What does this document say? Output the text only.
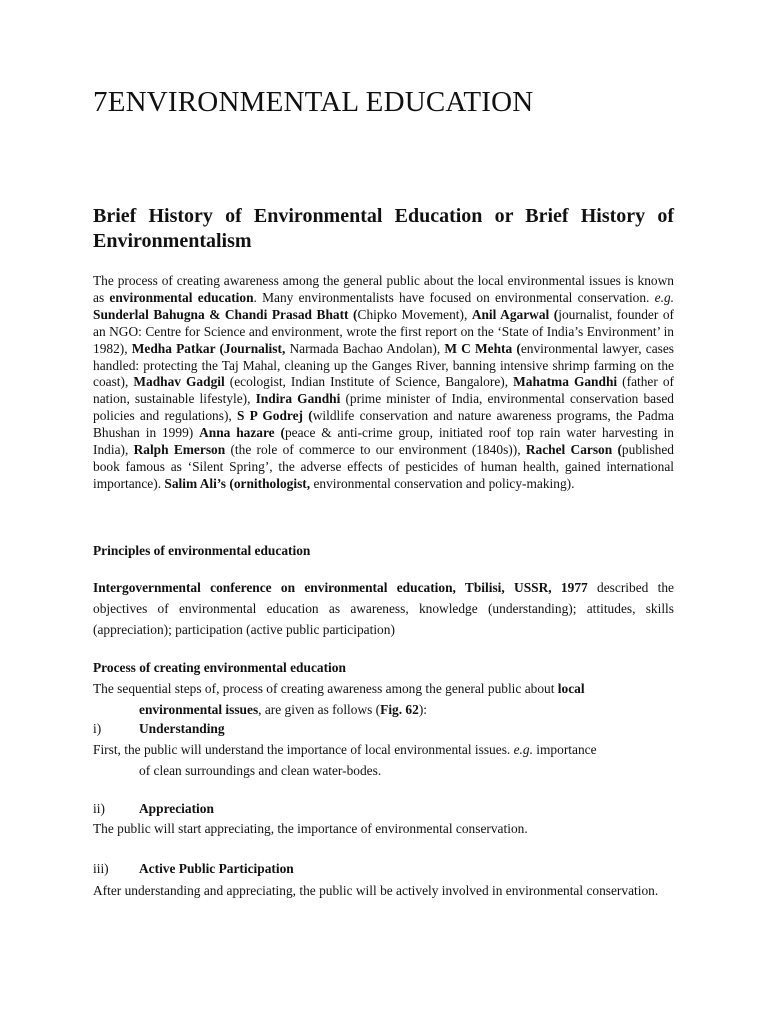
7ENVIRONMENTAL EDUCATION
Brief History of Environmental Education or Brief History of Environmentalism

The process of creating awareness among the general public about the local environmental issues is known as environmental education. Many environmentalists have focused on environmental conservation. e.g. Sunderlal Bahugna & Chandi Prasad Bhatt (Chipko Movement), Anil Agarwal (journalist, founder of an NGO: Centre for Science and environment, wrote the first report on the ‘State of India’s Environment’ in 1982), Medha Patkar (Journalist, Narmada Bachao Andolan), M C Mehta (environmental lawyer, cases handled: protecting the Taj Mahal, cleaning up the Ganges River, banning intensive shrimp farming on the coast), Madhav Gadgil (ecologist, Indian Institute of Science, Bangalore), Mahatma Gandhi (father of nation, sustainable lifestyle), Indira Gandhi (prime minister of India, environmental conservation based policies and regulations), S P Godrej (wildlife conservation and nature awareness programs, the Padma Bhushan in 1999) Anna hazare (peace & anti-crime group, initiated roof top rain water harvesting in India), Ralph Emerson (the role of commerce to our environment (1840s)), Rachel Carson (published book famous as ‘Silent Spring’, the adverse effects of pesticides of human health, gained international importance). Salim Ali’s (ornithologist, environmental conservation and policy-making).

Principles of environmental education

Intergovernmental conference on environmental education, Tbilisi, USSR, 1977 described the objectives of environmental education as awareness, knowledge (understanding); attitudes, skills (appreciation); participation (active public participation)

Process of creating environmental education

The sequential steps of, process of creating awareness among the general public about local
environmental issues, are given as follows (Fig. 62):

i)	Understanding

First, the public will understand the importance of local environmental issues. e.g. importance
of clean surroundings and clean water-bodes.

ii)	Appreciation

The public will start appreciating, the importance of environmental conservation.

iii) Active Public Participation

After understanding and appreciating, the public will be actively involved in environmental conservation.
